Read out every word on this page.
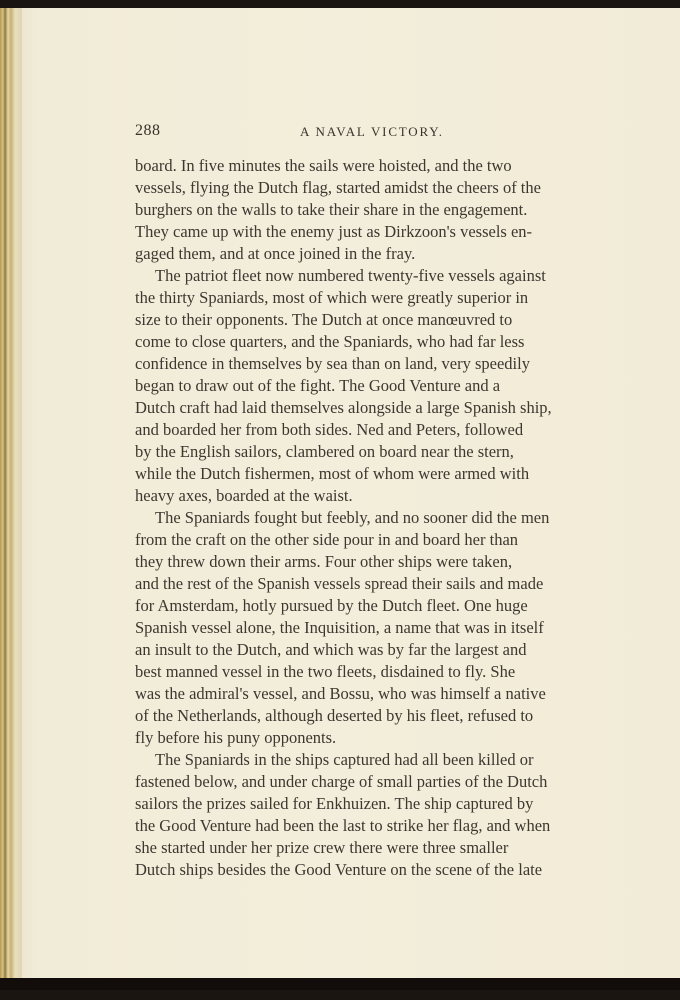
288	A NAVAL VICTORY.
board. In five minutes the sails were hoisted, and the two
vessels, flying the Dutch flag, started amidst the cheers of the
burghers on the walls to take their share in the engagement.
They came up with the enemy just as Dirkzoon's vessels en-
gaged them, and at once joined in the fray.
The patriot fleet now numbered twenty-five vessels against
the thirty Spaniards, most of which were greatly superior in
size to their opponents. The Dutch at once manœuvred to
come to close quarters, and the Spaniards, who had far less
confidence in themselves by sea than on land, very speedily
began to draw out of the fight. The Good Venture and a
Dutch craft had laid themselves alongside a large Spanish ship,
and boarded her from both sides. Ned and Peters, followed
by the English sailors, clambered on board near the stern,
while the Dutch fishermen, most of whom were armed with
heavy axes, boarded at the waist.
The Spaniards fought but feebly, and no sooner did the men
from the craft on the other side pour in and board her than
they threw down their arms. Four other ships were taken,
and the rest of the Spanish vessels spread their sails and made
for Amsterdam, hotly pursued by the Dutch fleet. One huge
Spanish vessel alone, the Inquisition, a name that was in itself
an insult to the Dutch, and which was by far the largest and
best manned vessel in the two fleets, disdained to fly. She
was the admiral's vessel, and Bossu, who was himself a native
of the Netherlands, although deserted by his fleet, refused to
fly before his puny opponents.
The Spaniards in the ships captured had all been killed or
fastened below, and under charge of small parties of the Dutch
sailors the prizes sailed for Enkhuizen. The ship captured by
the Good Venture had been the last to strike her flag, and when
she started under her prize crew there were three smaller
Dutch ships besides the Good Venture on the scene of the late
